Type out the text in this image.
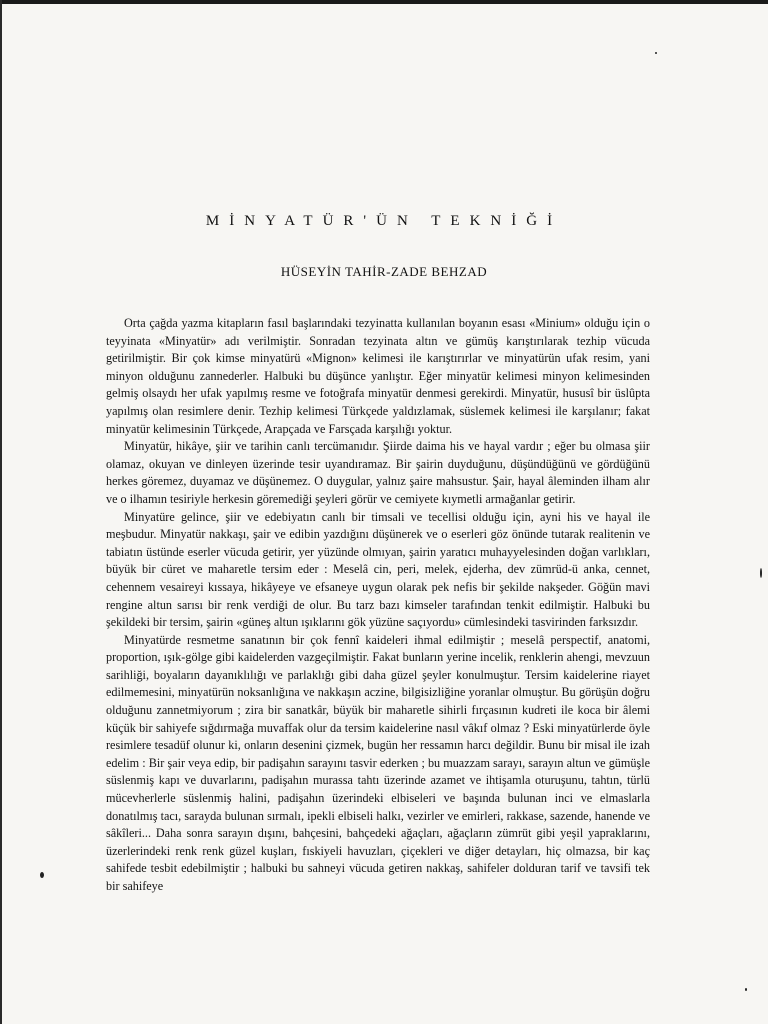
MİNYATÜR'ÜN TEKNİĞİ
HÜSEYİN TAHİR-ZADE BEHZAD

Orta çağda yazma kitapların fasıl başlarındaki tezyinatta kullanılan boyanın esası «Minium» olduğu için o teyyinata «Minyatür» adı verilmiştir. Sonradan tezyinata altın ve gümüş karıştırılarak tezhip vücuda getirilmiştir. Bir çok kimse minyatürü «Mignon» kelimesi ile karıştırırlar ve minyatürün ufak resim, yani minyon olduğunu zannederler. Halbuki bu düşünce yanlıştır. Eğer minyatür kelimesi minyon kelimesinden gelmiş olsaydı her ufak yapılmış resme ve fotoğrafa minyatür denmesi gerekirdi. Minyatür, hususî bir üslûpta yapılmış olan resimlere denir. Tezhip kelimesi Türkçede yaldızlamak, süslemek kelimesi ile karşılanır; fakat minyatür kelimesinin Türkçede, Arapçada ve Farsçada karşılığı yoktur.

Minyatür, hikâye, şiir ve tarihin canlı tercümanıdır. Şiirde daima his ve hayal vardır ; eğer bu olmasa şiir olamaz, okuyan ve dinleyen üzerinde tesir uyandıramaz. Bir şairin duyduğunu, düşündüğünü ve gördüğünü herkes göremez, duyamaz ve düşünemez. O duygular, yalnız şaire mahsustur. Şair, hayal âleminden ilham alır ve o ilhamın tesiriyle herkesin göremediği şeyleri görür ve cemiyete kıymetli armağanlar getirir.

Minyatüre gelince, şiir ve edebiyatın canlı bir timsali ve tecellisi olduğu için, ayni his ve hayal ile meşbudur. Minyatür nakkaşı, şair ve edibin yazdığını düşünerek ve o eserleri göz önünde tutarak realitenin ve tabiatın üstünde eserler vücuda getirir, yer yüzünde olmıyan, şairin yaratıcı muhayyelesinden doğan varlıkları, büyük bir cüret ve maharetle tersim eder : Meselâ cin, peri, melek, ejderha, dev zümrüd-ü anka, cennet, cehennem vesaireyi kıssaya, hikâyeye ve efsaneye uygun olarak pek nefis bir şekilde nakşeder. Göğün mavi rengine altun sarısı bir renk verdiği de olur. Bu tarz bazı kimseler tarafından tenkit edilmiştir. Halbuki bu şekildeki bir tersim, şairin «güneş altun ışıklarını gök yüzüne saçıyordu» cümlesindeki tasvirinden farksızdır.

Minyatürde resmetme sanatının bir çok fennî kaideleri ihmal edilmiştir ; meselâ perspectif, anatomi, proportion, ışık-gölge gibi kaidelerden vazgeçilmiştir. Fakat bunların yerine incelik, renklerin ahengi, mevzuun sarihliği, boyaların dayanıklılığı ve parlaklığı gibi daha güzel şeyler konulmuştur. Tersim kaidelerine riayet edilmemesini, minyatürün noksanlığına ve nakkaşın aczine, bilgisizliğine yoranlar olmuştur. Bu görüşün doğru olduğunu zannetmiyorum ; zira bir sanatkâr, büyük bir maharetle sihirli fırçasının kudreti ile koca bir âlemi küçük bir sahiyefe sığdırmağa muvaffak olur da tersim kaidelerine nasıl vâkıf olmaz ? Eski minyatürlerde öyle resimlere tesadüf olunur ki, onların desenini çizmek, bugün her ressamın harcı değildir. Bunu bir misal ile izah edelim : Bir şair veya edip, bir padişahın sarayını tasvir ederken ; bu muazzam sarayı, sarayın altun ve gümüşle süslenmiş kapı ve duvarlarını, padişahın murassa tahtı üzerinde azamet ve ihtişamla oturuşunu, tahtın, türlü mücevherlerle süslenmiş halini, padişahın üzerindeki elbiseleri ve başında bulunan inci ve elmaslarla donatılmış tacı, sarayda bulunan sırmalı, ipekli elbiseli halkı, vezirler ve emirleri, rakkase, sazende, hanende ve sâkîleri... Daha sonra sarayın dışını, bahçesini, bahçedeki ağaçları, ağaçların zümrüt gibi yeşil yapraklarını, üzerlerindeki renk renk güzel kuşları, fıskiyeli havuzları, çiçekleri ve diğer detayları, hiç olmazsa, bir kaç sahifede tesbit edebilmiştir ; halbuki bu sahneyi vücuda getiren nakkaş, sahifeler dolduran tarif ve tavsifi tek bir sahifeye
